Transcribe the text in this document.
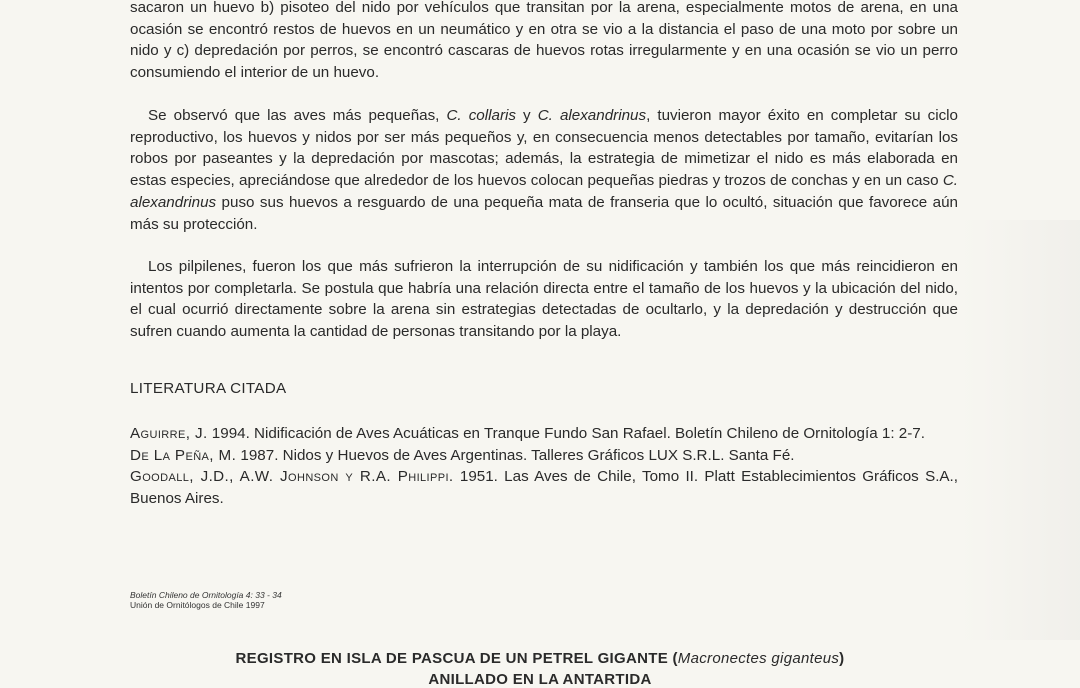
sacaron un huevo b) pisoteo del nido por vehículos que transitan por la arena, especialmente motos de arena, en una ocasión se encontró restos de huevos en un neumático y en otra se vio a la distancia el paso de una moto por sobre un nido y c) depredación por perros, se encontró cascaras de huevos rotas irregularmente y en una ocasión se vio un perro consumiendo el interior de un huevo.

Se observó que las aves más pequeñas, C. collaris y C. alexandrinus, tuvieron mayor éxito en completar su ciclo reproductivo, los huevos y nidos por ser más pequeños y, en consecuencia menos detectables por tamaño, evitarían los robos por paseantes y la depredación por mascotas; además, la estrategia de mimetizar el nido es más elaborada en estas especies, apreciándose que alrededor de los huevos colocan pequeñas piedras y trozos de conchas y en un caso C. alexandrinus puso sus huevos a resguardo de una pequeña mata de franseria que lo ocultó, situación que favorece aún más su protección.

Los pilpilenes, fueron los que más sufrieron la interrupción de su nidificación y también los que más reincidieron en intentos por completarla. Se postula que habría una relación directa entre el tamaño de los huevos y la ubicación del nido, el cual ocurrió directamente sobre la arena sin estrategias detectadas de ocultarlo, y la depredación y destrucción que sufren cuando aumenta la cantidad de personas transitando por la playa.

LITERATURA CITADA

Aguirre, J. 1994. Nidificación de Aves Acuáticas en Tranque Fundo San Rafael. Boletín Chileno de Ornitología 1: 2-7.

De La Peña, M. 1987. Nidos y Huevos de Aves Argentinas. Talleres Gráficos LUX S.R.L. Santa Fé.

Goodall, J.D., A.W. Johnson y R.A. Philippi. 1951. Las Aves de Chile, Tomo II. Platt Establecimientos Gráficos S.A., Buenos Aires.

Boletín Chileno de Ornitología 4: 33 - 34
Unión de Ornitólogos de Chile 1997
REGISTRO EN ISLA DE PASCUA DE UN PETREL GIGANTE (Macronectes giganteus)
ANILLADO EN LA ANTARTIDA
